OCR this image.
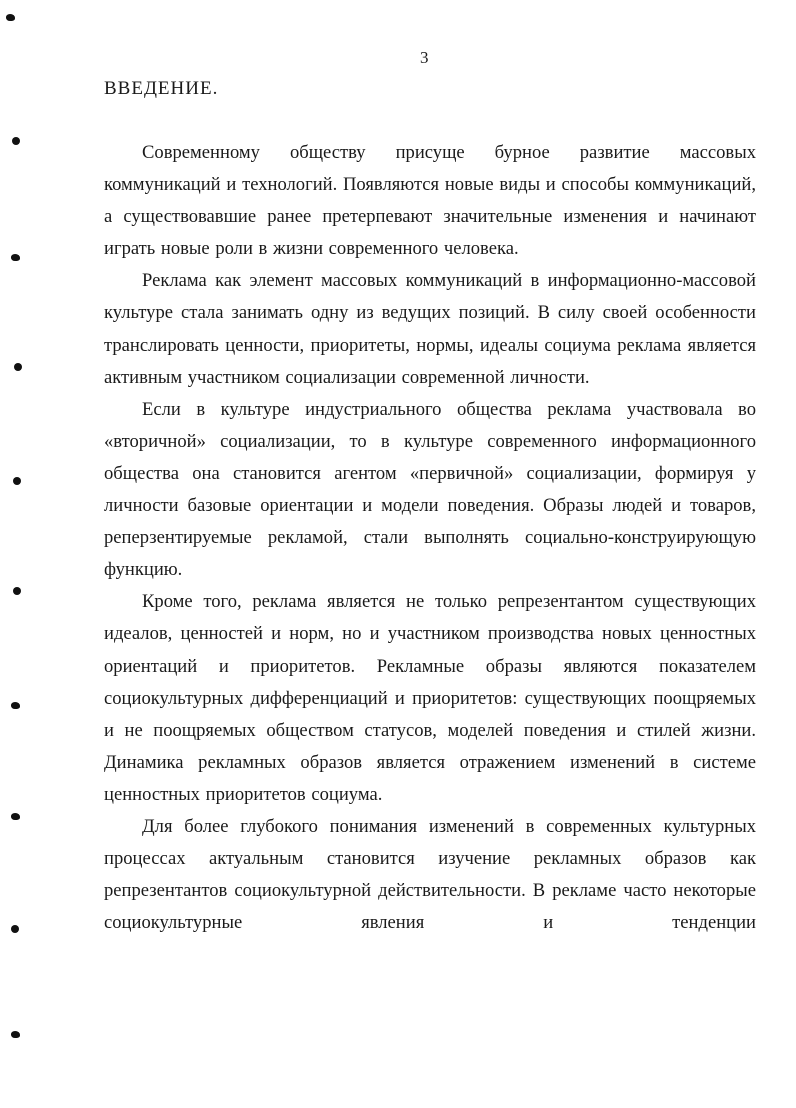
3
ВВЕДЕНИЕ.

Современному обществу присуще бурное развитие массовых коммуникаций и технологий. Появляются новые виды и способы коммуникаций, а существовавшие ранее претерпевают значительные изменения и начинают играть новые роли в жизни современного человека.

Реклама как элемент массовых коммуникаций в информационно-массовой культуре стала занимать одну из ведущих позиций. В силу своей особенности транслировать ценности, приоритеты, нормы, идеалы социума реклама является активным участником социализации современной личности.

Если в культуре индустриального общества реклама участвовала во «вторичной» социализации, то в культуре современного информационного общества она становится агентом «первичной» социализации, формируя у личности базовые ориентации и модели поведения. Образы людей и товаров, реперзентируемые рекламой, стали выполнять социально-конструирующую функцию.

Кроме того, реклама является не только репрезентантом существующих идеалов, ценностей и норм, но и участником производства новых ценностных ориентаций и приоритетов. Рекламные образы являются показателем социокультурных дифференциаций и приоритетов: существующих поощряемых и не поощряемых обществом статусов, моделей поведения и стилей жизни. Динамика рекламных образов является отражением изменений в системе ценностных приоритетов социума.

Для более глубокого понимания изменений в современных культурных процессах актуальным становится изучение рекламных образов как репрезентантов социокультурной действительности. В рекламе часто некоторые социокультурные явления и тенденции
